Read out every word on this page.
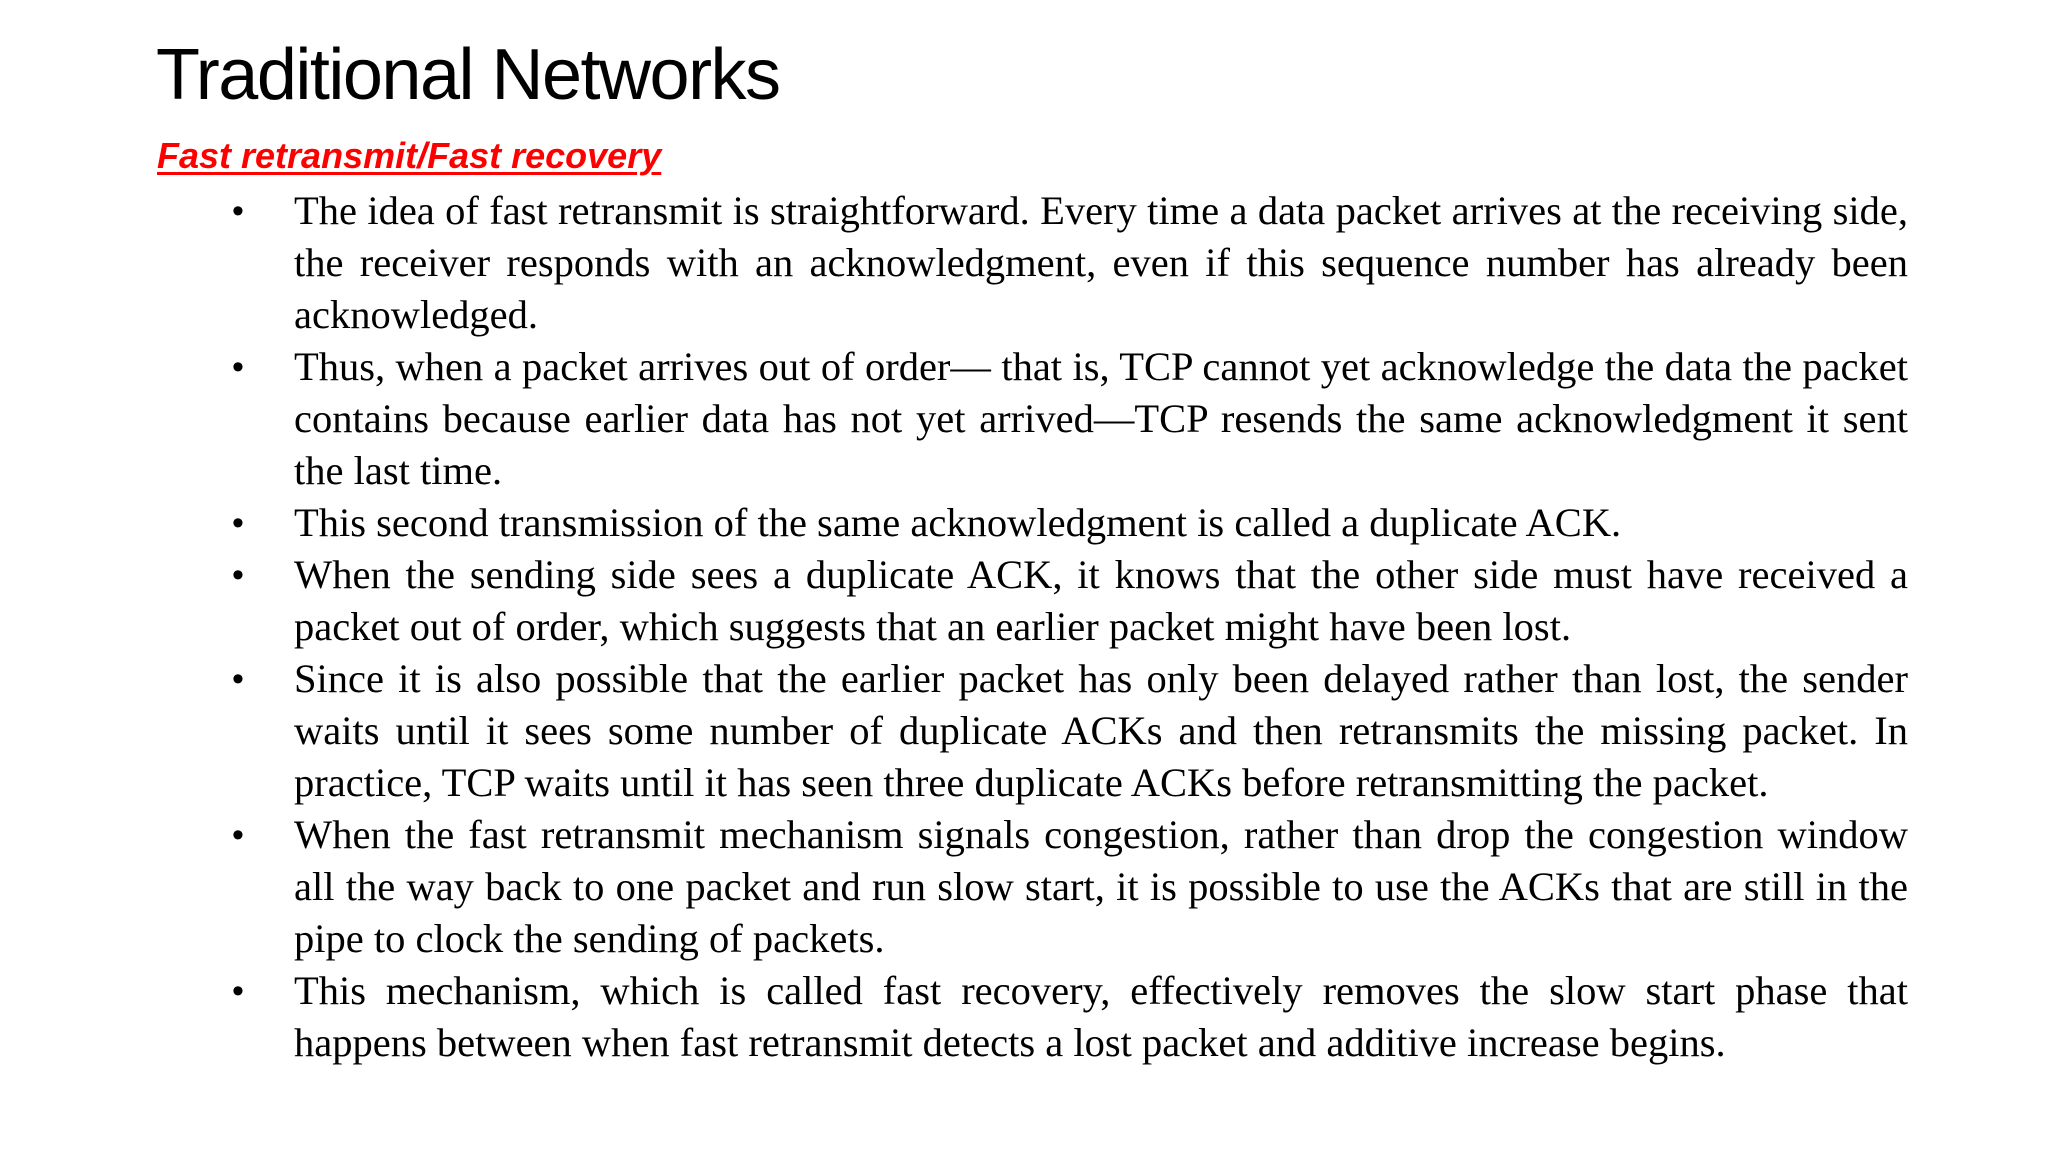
Traditional Networks
Fast retransmit/Fast recovery
• The idea of fast retransmit is straightforward. Every time a data packet arrives at the receiving side, the receiver responds with an acknowledgment, even if this sequence number has already been acknowledged.
• Thus, when a packet arrives out of order— that is, TCP cannot yet acknowledge the data the packet contains because earlier data has not yet arrived—TCP resends the same acknowledgment it sent the last time.
• This second transmission of the same acknowledgment is called a duplicate ACK.
• When the sending side sees a duplicate ACK, it knows that the other side must have received a packet out of order, which suggests that an earlier packet might have been lost.
• Since it is also possible that the earlier packet has only been delayed rather than lost, the sender waits until it sees some number of duplicate ACKs and then retransmits the missing packet. In practice, TCP waits until it has seen three duplicate ACKs before retransmitting the packet.
• When the fast retransmit mechanism signals congestion, rather than drop the congestion window all the way back to one packet and run slow start, it is possible to use the ACKs that are still in the pipe to clock the sending of packets.
• This mechanism, which is called fast recovery, effectively removes the slow start phase that happens between when fast retransmit detects a lost packet and additive increase begins.
